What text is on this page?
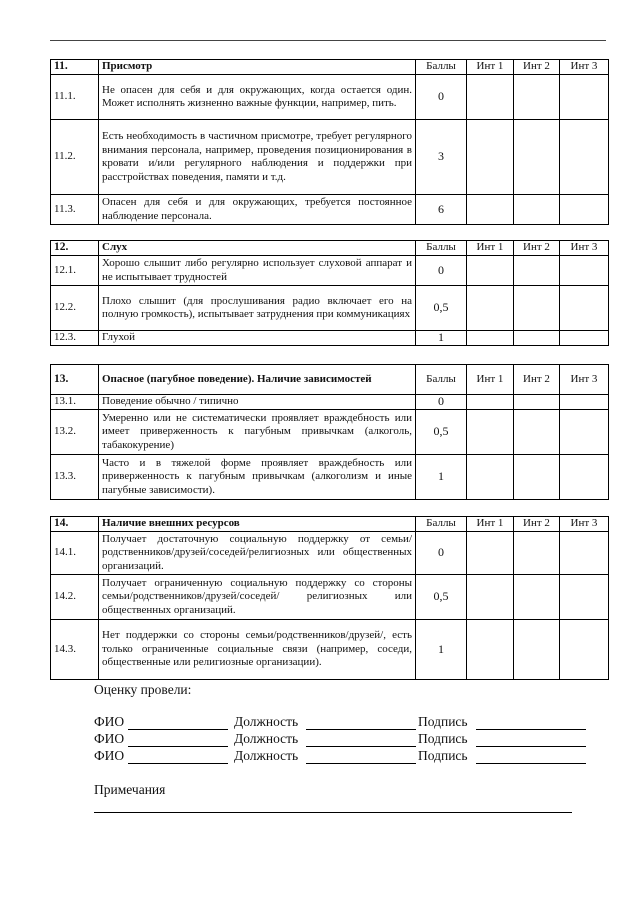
11.	Присмотр	Баллы	Инт 1	Инт 2	Инт 3
11.1.	Не опасен для себя и для окружающих, когда остается один. Может исполнять жизненно важные функции, например, пить.	0			
11.2.	Есть необходимость в частичном присмотре, требует регулярного внимания персонала, например, проведения позиционирования в кровати и/или регулярного наблюдения и поддержки при расстройствах поведения, памяти и т.д.	3			
11.3.	Опасен для себя и для окружающих, требуется постоянное наблюдение персонала.	6			
12.	Слух	Баллы	Инт 1	Инт 2	Инт 3
12.1.	Хорошо слышит либо регулярно использует слуховой аппарат и не испытывает трудностей	0			
12.2.	Плохо слышит (для прослушивания радио включает его на полную громкость), испытывает затруднения при коммуникациях	0,5			
12.3.	Глухой	1			
13.	Опасное (пагубное поведение). Наличие зависимостей	Баллы	Инт 1	Инт 2	Инт 3
13.1.	Поведение обычно / типично	0			
13.2.	Умеренно или не систематически проявляет враждебность или имеет приверженность к пагубным привычкам (алкоголь, табакокурение)	0,5			
13.3.	Часто и в тяжелой форме проявляет враждебность или приверженность к пагубным привычкам (алкоголизм и иные пагубные зависимости).	1			
14.	Наличие внешних ресурсов	Баллы	Инт 1	Инт 2	Инт 3
14.1.	Получает достаточную социальную поддержку от семьи/родственников/друзей/соседей/религиозных или общественных организаций.	0			
14.2.	Получает ограниченную социальную поддержку со стороны семьи/родственников/друзей/соседей/ религиозных или общественных организаций.	0,5			
14.3.	Нет поддержки со стороны семьи/родственников/друзей/, есть только ограниченные социальные связи (например, соседи, общественные или религиозные организации).	1			
Оценку провели:
ФИО	Должность	Подпись
ФИО	Должность	Подпись
ФИО	Должность	Подпись
Примечания
